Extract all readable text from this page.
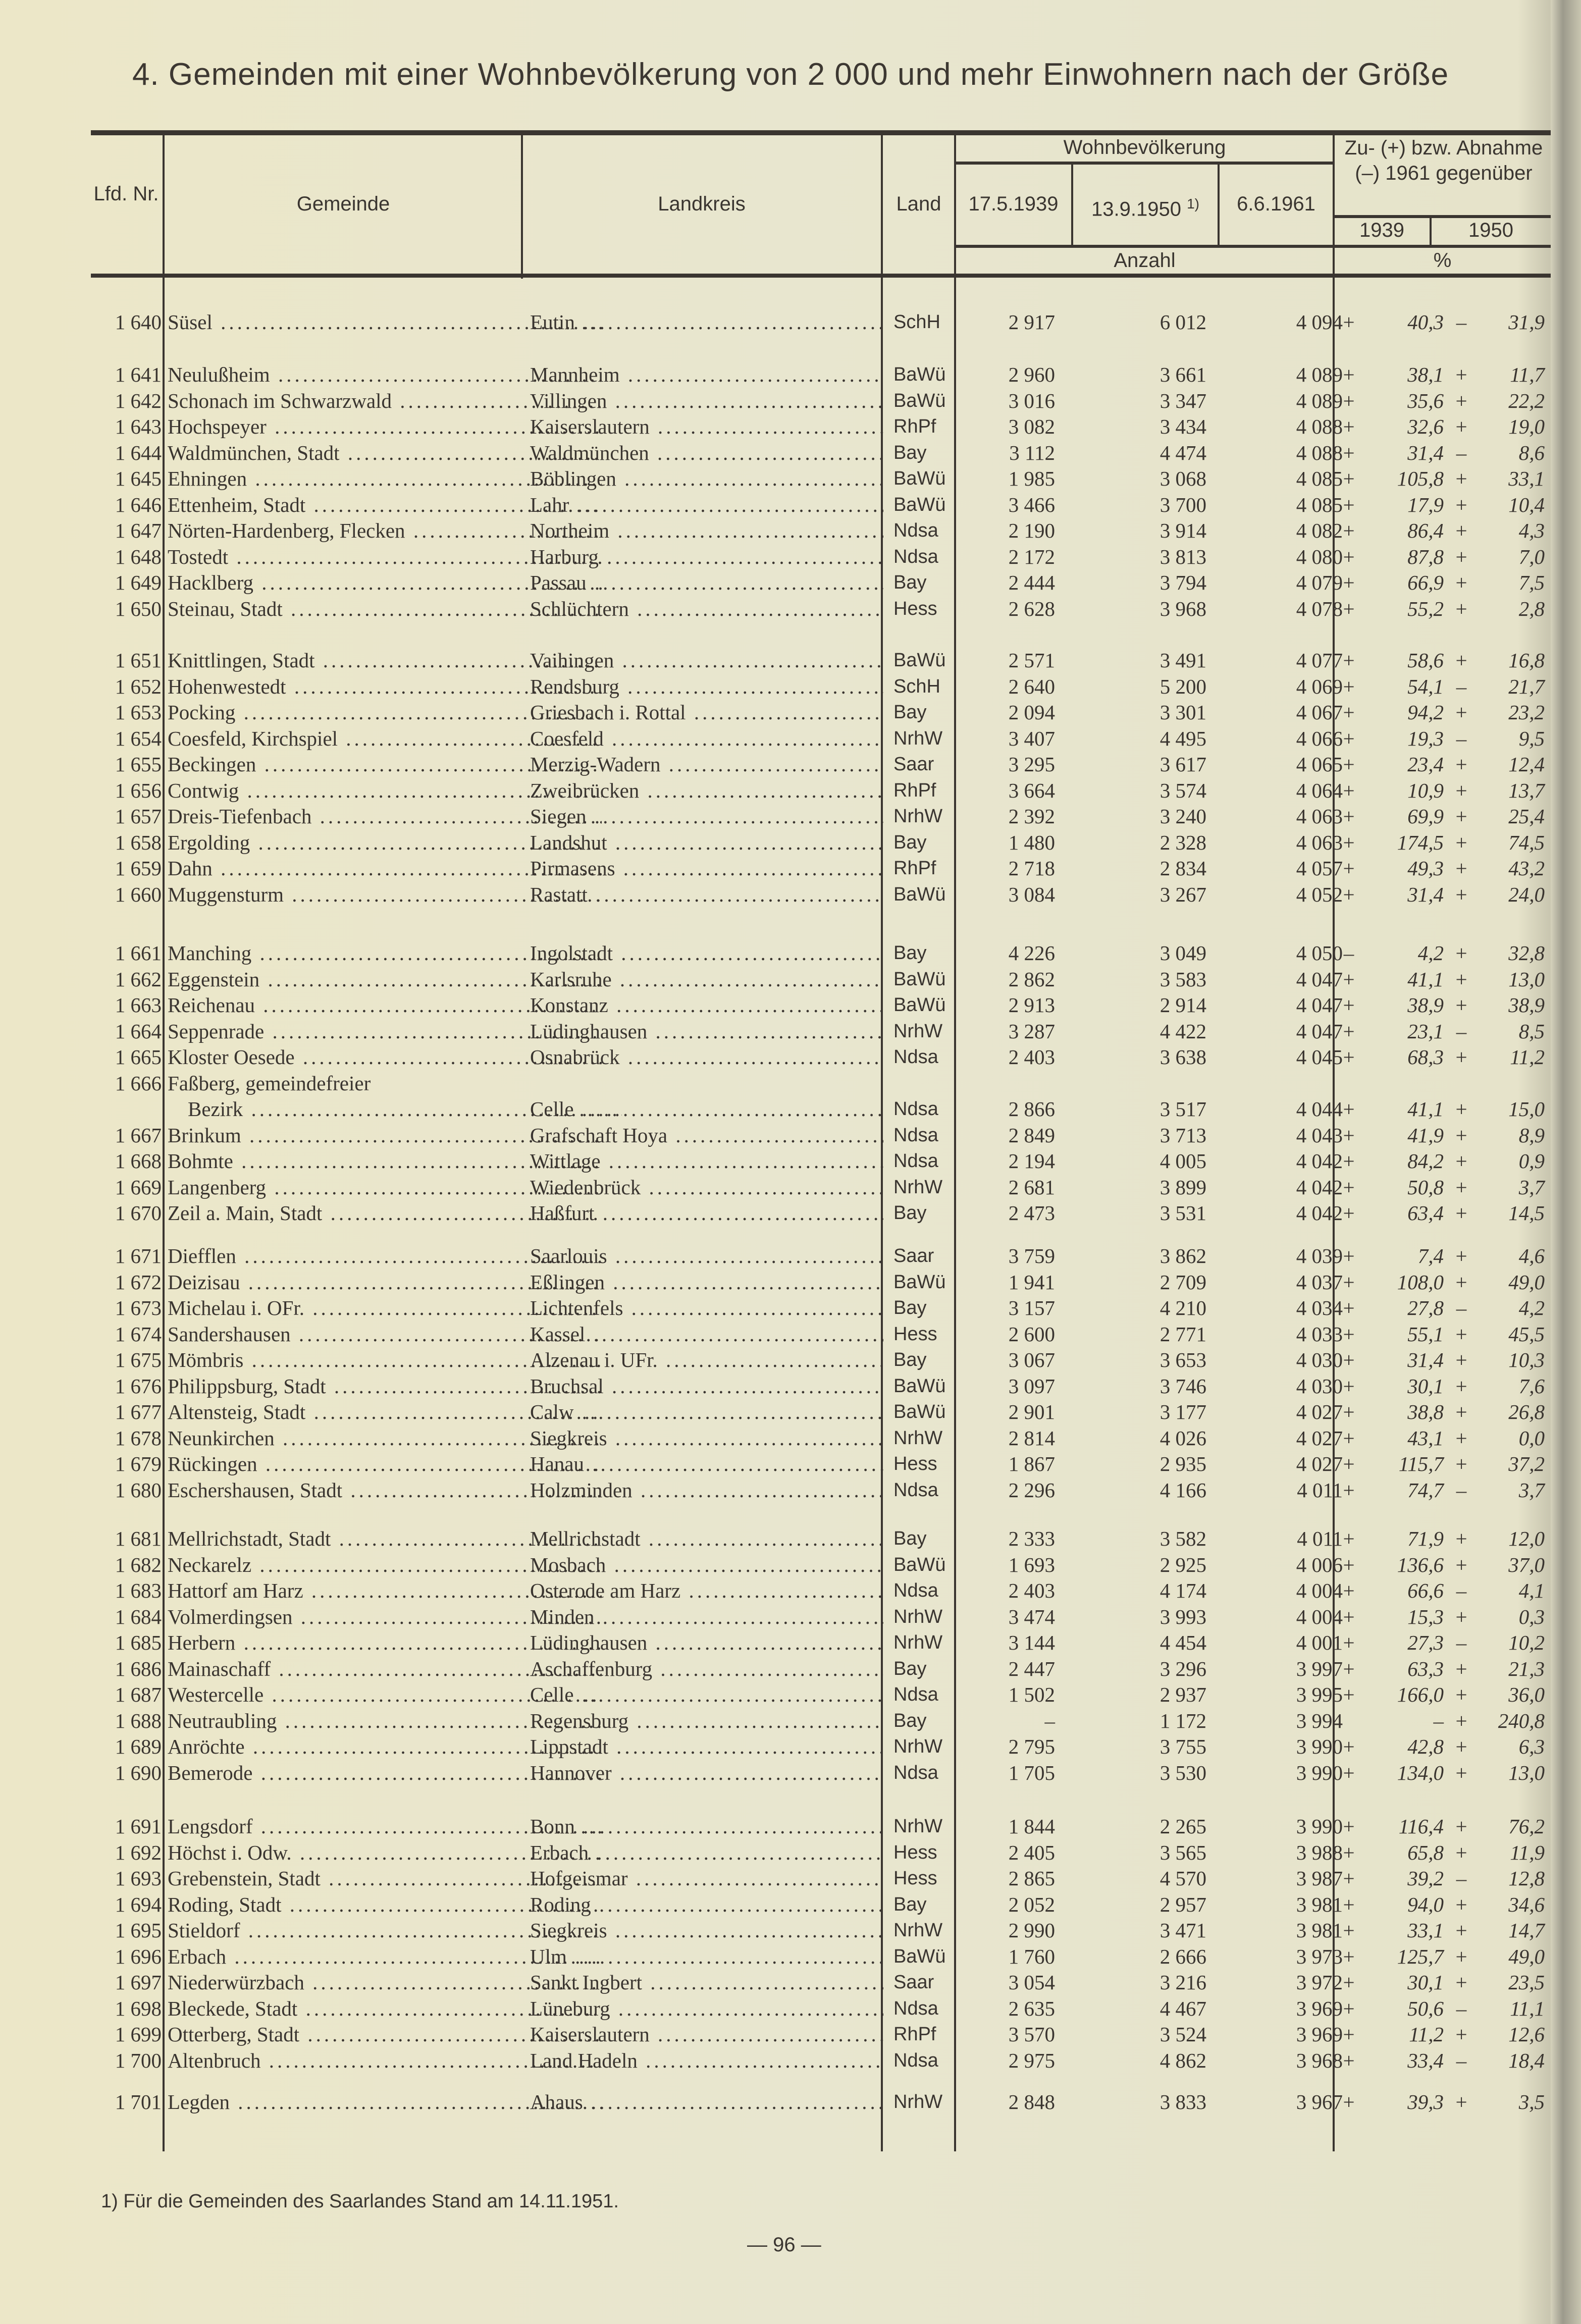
4. Gemeinden mit einer Wohnbevölkerung von 2 000 und mehr Einwohnern nach der Größe
Lfd. Nr.	Gemeinde	Landkreis	Land
Wohnbevölkerung
17.5.1939	13.9.1950 $^{1)}$	6.6.1961
Anzahl
Zu- (+) bzw. Abnahme (–) 1961 gegenüber
1939	1950
%
1 640 Süsel .....	Eutin .....	SchH	2 917	6 012	4 094 +	40,3 –	31,9
1 641 Neulußheim .....	Mannheim .....	BaWü	2 960	3 661	4 089 +	38,1 +	11,7
1 642 Schonach im Schwarzwald .....	Villingen .....	BaWü	3 016	3 347	4 089 +	35,6 +	22,2
1 643 Hochspeyer .....	Kaiserslautern .....	RhPf	3 082	3 434	4 088 +	32,6 +	19,0
1 644 Waldmünchen, Stadt .....	Waldmünchen .....	Bay	3 112	4 474	4 088 +	31,4 –	8,6
1 645 Ehningen .....	Böblingen .....	BaWü	1 985	3 068	4 085 +	105,8 +	33,1
1 646 Ettenheim, Stadt .....	Lahr .....	BaWü	3 466	3 700	4 085 +	17,9 +	10,4
1 647 Nörten-Hardenberg, Flecken .....	Northeim .....	Ndsa	2 190	3 914	4 082 +	86,4 +	4,3
1 648 Tostedt .....	Harburg .....	Ndsa	2 172	3 813	4 080 +	87,8 +	7,0
1 649 Hacklberg .....	Passau .....	Bay	2 444	3 794	4 079 +	66,9 +	7,5
1 650 Steinau, Stadt .....	Schlüchtern .....	Hess	2 628	3 968	4 078 +	55,2 +	2,8
1 651 Knittlingen, Stadt .....	Vaihingen .....	BaWü	2 571	3 491	4 077 +	58,6 +	16,8
1 652 Hohenwestedt .....	Rendsburg .....	SchH	2 640	5 200	4 069 +	54,1 –	21,7
1 653 Pocking .....	Griesbach i. Rottal .....	Bay	2 094	3 301	4 067 +	94,2 +	23,2
1 654 Coesfeld, Kirchspiel .....	Coesfeld .....	NrhW	3 407	4 495	4 066 +	19,3 –	9,5
1 655 Beckingen .....	Merzig-Wadern .....	Saar	3 295	3 617	4 065 +	23,4 +	12,4
1 656 Contwig .....	Zweibrücken .....	RhPf	3 664	3 574	4 064 +	10,9 +	13,7
1 657 Dreis-Tiefenbach .....	Siegen .....	NrhW	2 392	3 240	4 063 +	69,9 +	25,4
1 658 Ergolding .....	Landshut .....	Bay	1 480	2 328	4 063 +	174,5 +	74,5
1 659 Dahn .....	Pirmasens .....	RhPf	2 718	2 834	4 057 +	49,3 +	43,2
1 660 Muggensturm .....	Rastatt .....	BaWü	3 084	3 267	4 052 +	31,4 +	24,0
1 661 Manching .....	Ingolstadt .....	Bay	4 226	3 049	4 050 –	4,2 +	32,8
1 662 Eggenstein .....	Karlsruhe .....	BaWü	2 862	3 583	4 047 +	41,1 +	13,0
1 663 Reichenau .....	Konstanz .....	BaWü	2 913	2 914	4 047 +	38,9 +	38,9
1 664 Seppenrade .....	Lüdinghausen .....	NrhW	3 287	4 422	4 047 +	23,1 –	8,5
1 665 Kloster Oesede .....	Osnabrück .....	Ndsa	2 403	3 638	4 045 +	68,3 +	11,2
1 666 Faßberg, gemeindefreier
Bezirk .....	Celle .....	Ndsa	2 866	3 517	4 044 +	41,1 +	15,0
1 667 Brinkum .....	Grafschaft Hoya .....	Ndsa	2 849	3 713	4 043 +	41,9 +	8,9
1 668 Bohmte .....	Wittlage .....	Ndsa	2 194	4 005	4 042 +	84,2 +	0,9
1 669 Langenberg .....	Wiedenbrück .....	NrhW	2 681	3 899	4 042 +	50,8 +	3,7
1 670 Zeil a. Main, Stadt .....	Haßfurt .....	Bay	2 473	3 531	4 042 +	63,4 +	14,5
1 671 Diefflen .....	Saarlouis .....	Saar	3 759	3 862	4 039 +	7,4 +	4,6
1 672 Deizisau .....	Eßlingen .....	BaWü	1 941	2 709	4 037 +	108,0 +	49,0
1 673 Michelau i. OFr. .....	Lichtenfels .....	Bay	3 157	4 210	4 034 +	27,8 –	4,2
1 674 Sandershausen .....	Kassel .....	Hess	2 600	2 771	4 033 +	55,1 +	45,5
1 675 Mömbris .....	Alzenau i. UFr. .....	Bay	3 067	3 653	4 030 +	31,4 +	10,3
1 676 Philippsburg, Stadt .....	Bruchsal .....	BaWü	3 097	3 746	4 030 +	30,1 +	7,6
1 677 Altensteig, Stadt .....	Calw .....	BaWü	2 901	3 177	4 027 +	38,8 +	26,8
1 678 Neunkirchen .....	Siegkreis .....	NrhW	2 814	4 026	4 027 +	43,1 +	0,0
1 679 Rückingen .....	Hanau .....	Hess	1 867	2 935	4 027 +	115,7 +	37,2
1 680 Eschershausen, Stadt .....	Holzminden .....	Ndsa	2 296	4 166	4 011 +	74,7 –	3,7
1 681 Mellrichstadt, Stadt .....	Mellrichstadt .....	Bay	2 333	3 582	4 011 +	71,9 +	12,0
1 682 Neckarelz .....	Mosbach .....	BaWü	1 693	2 925	4 006 +	136,6 +	37,0
1 683 Hattorf am Harz .....	Osterode am Harz .....	Ndsa	2 403	4 174	4 004 +	66,6 –	4,1
1 684 Volmerdingsen .....	Minden .....	NrhW	3 474	3 993	4 004 +	15,3 +	0,3
1 685 Herbern .....	Lüdinghausen .....	NrhW	3 144	4 454	4 001 +	27,3 –	10,2
1 686 Mainaschaff .....	Aschaffenburg .....	Bay	2 447	3 296	3 997 +	63,3 +	21,3
1 687 Westercelle .....	Celle .....	Ndsa	1 502	2 937	3 995 +	166,0 +	36,0
1 688 Neutraubling .....	Regensburg .....	Bay	–	1 172	3 994	– +	240,8
1 689 Anröchte .....	Lippstadt .....	NrhW	2 795	3 755	3 990 +	42,8 +	6,3
1 690 Bemerode .....	Hannover .....	Ndsa	1 705	3 530	3 990 +	134,0 +	13,0
1 691 Lengsdorf .....	Bonn .....	NrhW	1 844	2 265	3 990 +	116,4 +	76,2
1 692 Höchst i. Odw. .....	Erbach .....	Hess	2 405	3 565	3 988 +	65,8 +	11,9
1 693 Grebenstein, Stadt .....	Hofgeismar .....	Hess	2 865	4 570	3 987 +	39,2 –	12,8
1 694 Roding, Stadt .....	Roding .....	Bay	2 052	2 957	3 981 +	94,0 +	34,6
1 695 Stieldorf .....	Siegkreis .....	NrhW	2 990	3 471	3 981 +	33,1 +	14,7
1 696 Erbach .....	Ulm .....	BaWü	1 760	2 666	3 973 +	125,7 +	49,0
1 697 Niederwürzbach .....	Sankt Ingbert .....	Saar	3 054	3 216	3 972 +	30,1 +	23,5
1 698 Bleckede, Stadt .....	Lüneburg .....	Ndsa	2 635	4 467	3 969 +	50,6 –	11,1
1 699 Otterberg, Stadt .....	Kaiserslautern .....	RhPf	3 570	3 524	3 969 +	11,2 +	12,6
1 700 Altenbruch .....	Land Hadeln .....	Ndsa	2 975	4 862	3 968 +	33,4 –	18,4
1 701 Legden .....	Ahaus .....	NrhW	2 848	3 833	3 967 +	39,3 +	3,5
1) Für die Gemeinden des Saarlandes Stand am 14.11.1951.
— 96 —
